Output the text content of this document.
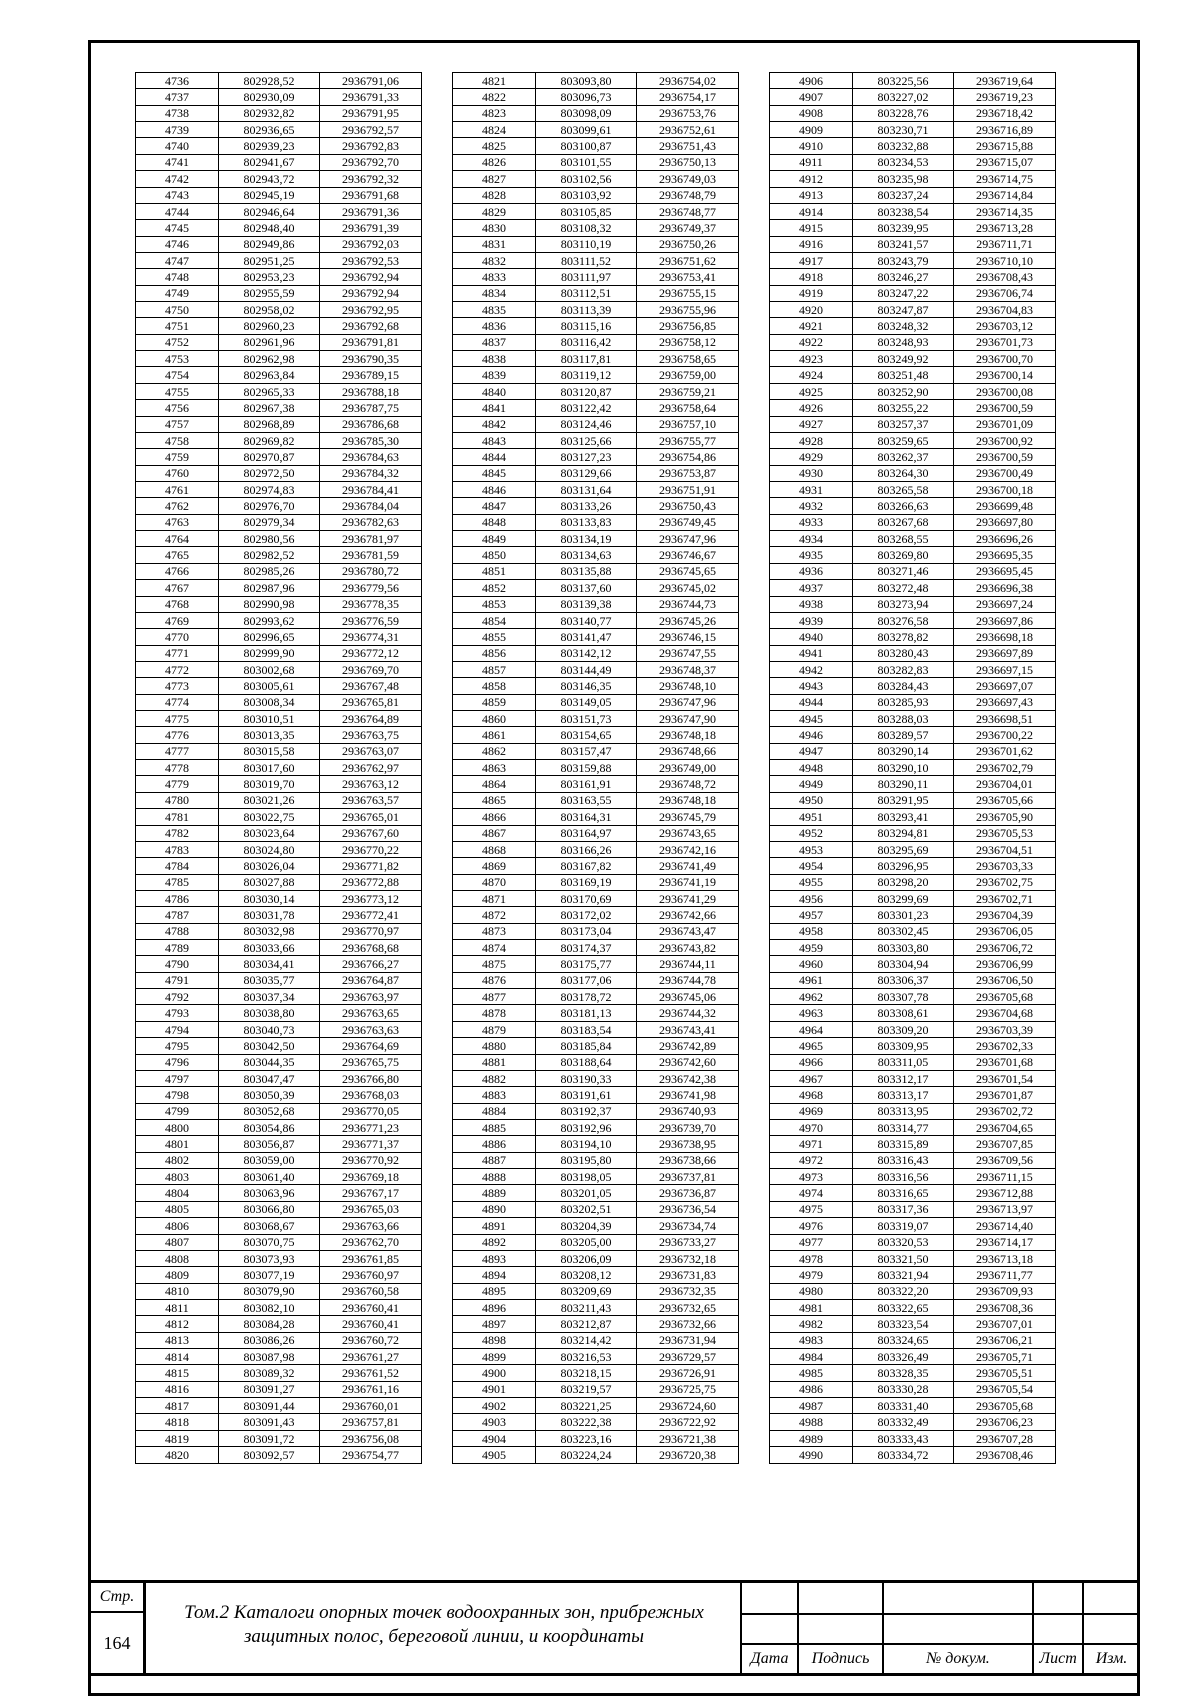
4736	802928,52	2936791,06
4737	802930,09	2936791,33
4738	802932,82	2936791,95
4739	802936,65	2936792,57
4740	802939,23	2936792,83
4741	802941,67	2936792,70
4742	802943,72	2936792,32
4743	802945,19	2936791,68
4744	802946,64	2936791,36
4745	802948,40	2936791,39
4746	802949,86	2936792,03
4747	802951,25	2936792,53
4748	802953,23	2936792,94
4749	802955,59	2936792,94
4750	802958,02	2936792,95
4751	802960,23	2936792,68
4752	802961,96	2936791,81
4753	802962,98	2936790,35
4754	802963,84	2936789,15
4755	802965,33	2936788,18
4756	802967,38	2936787,75
4757	802968,89	2936786,68
4758	802969,82	2936785,30
4759	802970,87	2936784,63
4760	802972,50	2936784,32
4761	802974,83	2936784,41
4762	802976,70	2936784,04
4763	802979,34	2936782,63
4764	802980,56	2936781,97
4765	802982,52	2936781,59
4766	802985,26	2936780,72
4767	802987,96	2936779,56
4768	802990,98	2936778,35
4769	802993,62	2936776,59
4770	802996,65	2936774,31
4771	802999,90	2936772,12
4772	803002,68	2936769,70
4773	803005,61	2936767,48
4774	803008,34	2936765,81
4775	803010,51	2936764,89
4776	803013,35	2936763,75
4777	803015,58	2936763,07
4778	803017,60	2936762,97
4779	803019,70	2936763,12
4780	803021,26	2936763,57
4781	803022,75	2936765,01
4782	803023,64	2936767,60
4783	803024,80	2936770,22
4784	803026,04	2936771,82
4785	803027,88	2936772,88
4786	803030,14	2936773,12
4787	803031,78	2936772,41
4788	803032,98	2936770,97
4789	803033,66	2936768,68
4790	803034,41	2936766,27
4791	803035,77	2936764,87
4792	803037,34	2936763,97
4793	803038,80	2936763,65
4794	803040,73	2936763,63
4795	803042,50	2936764,69
4796	803044,35	2936765,75
4797	803047,47	2936766,80
4798	803050,39	2936768,03
4799	803052,68	2936770,05
4800	803054,86	2936771,23
4801	803056,87	2936771,37
4802	803059,00	2936770,92
4803	803061,40	2936769,18
4804	803063,96	2936767,17
4805	803066,80	2936765,03
4806	803068,67	2936763,66
4807	803070,75	2936762,70
4808	803073,93	2936761,85
4809	803077,19	2936760,97
4810	803079,90	2936760,58
4811	803082,10	2936760,41
4812	803084,28	2936760,41
4813	803086,26	2936760,72
4814	803087,98	2936761,27
4815	803089,32	2936761,52
4816	803091,27	2936761,16
4817	803091,44	2936760,01
4818	803091,43	2936757,81
4819	803091,72	2936756,08
4820	803092,57	2936754,77
4821	803093,80	2936754,02
4822	803096,73	2936754,17
4823	803098,09	2936753,76
4824	803099,61	2936752,61
4825	803100,87	2936751,43
4826	803101,55	2936750,13
4827	803102,56	2936749,03
4828	803103,92	2936748,79
4829	803105,85	2936748,77
4830	803108,32	2936749,37
4831	803110,19	2936750,26
4832	803111,52	2936751,62
4833	803111,97	2936753,41
4834	803112,51	2936755,15
4835	803113,39	2936755,96
4836	803115,16	2936756,85
4837	803116,42	2936758,12
4838	803117,81	2936758,65
4839	803119,12	2936759,00
4840	803120,87	2936759,21
4841	803122,42	2936758,64
4842	803124,46	2936757,10
4843	803125,66	2936755,77
4844	803127,23	2936754,86
4845	803129,66	2936753,87
4846	803131,64	2936751,91
4847	803133,26	2936750,43
4848	803133,83	2936749,45
4849	803134,19	2936747,96
4850	803134,63	2936746,67
4851	803135,88	2936745,65
4852	803137,60	2936745,02
4853	803139,38	2936744,73
4854	803140,77	2936745,26
4855	803141,47	2936746,15
4856	803142,12	2936747,55
4857	803144,49	2936748,37
4858	803146,35	2936748,10
4859	803149,05	2936747,96
4860	803151,73	2936747,90
4861	803154,65	2936748,18
4862	803157,47	2936748,66
4863	803159,88	2936749,00
4864	803161,91	2936748,72
4865	803163,55	2936748,18
4866	803164,31	2936745,79
4867	803164,97	2936743,65
4868	803166,26	2936742,16
4869	803167,82	2936741,49
4870	803169,19	2936741,19
4871	803170,69	2936741,29
4872	803172,02	2936742,66
4873	803173,04	2936743,47
4874	803174,37	2936743,82
4875	803175,77	2936744,11
4876	803177,06	2936744,78
4877	803178,72	2936745,06
4878	803181,13	2936744,32
4879	803183,54	2936743,41
4880	803185,84	2936742,89
4881	803188,64	2936742,60
4882	803190,33	2936742,38
4883	803191,61	2936741,98
4884	803192,37	2936740,93
4885	803192,96	2936739,70
4886	803194,10	2936738,95
4887	803195,80	2936738,66
4888	803198,05	2936737,81
4889	803201,05	2936736,87
4890	803202,51	2936736,54
4891	803204,39	2936734,74
4892	803205,00	2936733,27
4893	803206,09	2936732,18
4894	803208,12	2936731,83
4895	803209,69	2936732,35
4896	803211,43	2936732,65
4897	803212,87	2936732,66
4898	803214,42	2936731,94
4899	803216,53	2936729,57
4900	803218,15	2936726,91
4901	803219,57	2936725,75
4902	803221,25	2936724,60
4903	803222,38	2936722,92
4904	803223,16	2936721,38
4905	803224,24	2936720,38
4906	803225,56	2936719,64
4907	803227,02	2936719,23
4908	803228,76	2936718,42
4909	803230,71	2936716,89
4910	803232,88	2936715,88
4911	803234,53	2936715,07
4912	803235,98	2936714,75
4913	803237,24	2936714,84
4914	803238,54	2936714,35
4915	803239,95	2936713,28
4916	803241,57	2936711,71
4917	803243,79	2936710,10
4918	803246,27	2936708,43
4919	803247,22	2936706,74
4920	803247,87	2936704,83
4921	803248,32	2936703,12
4922	803248,93	2936701,73
4923	803249,92	2936700,70
4924	803251,48	2936700,14
4925	803252,90	2936700,08
4926	803255,22	2936700,59
4927	803257,37	2936701,09
4928	803259,65	2936700,92
4929	803262,37	2936700,59
4930	803264,30	2936700,49
4931	803265,58	2936700,18
4932	803266,63	2936699,48
4933	803267,68	2936697,80
4934	803268,55	2936696,26
4935	803269,80	2936695,35
4936	803271,46	2936695,45
4937	803272,48	2936696,38
4938	803273,94	2936697,24
4939	803276,58	2936697,86
4940	803278,82	2936698,18
4941	803280,43	2936697,89
4942	803282,83	2936697,15
4943	803284,43	2936697,07
4944	803285,93	2936697,43
4945	803288,03	2936698,51
4946	803289,57	2936700,22
4947	803290,14	2936701,62
4948	803290,10	2936702,79
4949	803290,11	2936704,01
4950	803291,95	2936705,66
4951	803293,41	2936705,90
4952	803294,81	2936705,53
4953	803295,69	2936704,51
4954	803296,95	2936703,33
4955	803298,20	2936702,75
4956	803299,69	2936702,71
4957	803301,23	2936704,39
4958	803302,45	2936706,05
4959	803303,80	2936706,72
4960	803304,94	2936706,99
4961	803306,37	2936706,50
4962	803307,78	2936705,68
4963	803308,61	2936704,68
4964	803309,20	2936703,39
4965	803309,95	2936702,33
4966	803311,05	2936701,68
4967	803312,17	2936701,54
4968	803313,17	2936701,87
4969	803313,95	2936702,72
4970	803314,77	2936704,65
4971	803315,89	2936707,85
4972	803316,43	2936709,56
4973	803316,56	2936711,15
4974	803316,65	2936712,88
4975	803317,36	2936713,97
4976	803319,07	2936714,40
4977	803320,53	2936714,17
4978	803321,50	2936713,18
4979	803321,94	2936711,77
4980	803322,20	2936709,93
4981	803322,65	2936708,36
4982	803323,54	2936707,01
4983	803324,65	2936706,21
4984	803326,49	2936705,71
4985	803328,35	2936705,51
4986	803330,28	2936705,54
4987	803331,40	2936705,68
4988	803332,49	2936706,23
4989	803333,43	2936707,28
4990	803334,72	2936708,46
Стр.
164
Том.2 Каталоги опорных точек водоохранных зон, прибрежных
защитных полос, береговой линии, и координаты
Дата	Подпись	№ докум.	Лист	Изм.
